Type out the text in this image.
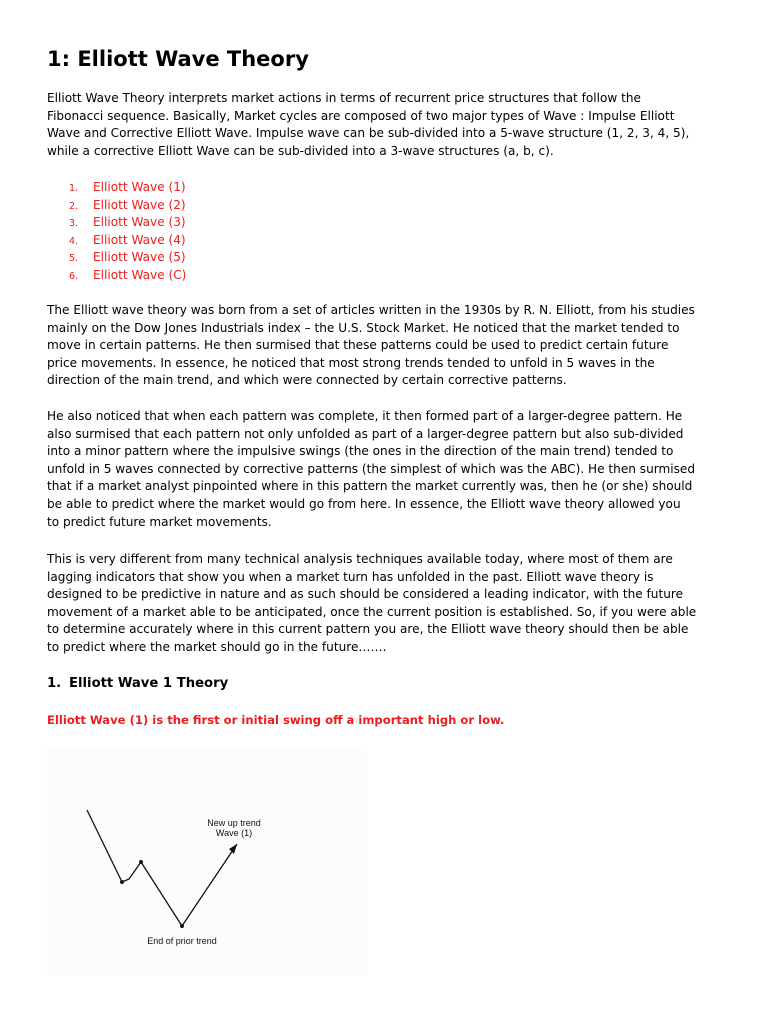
1: Elliott Wave Theory

Elliott Wave Theory interprets market actions in terms of recurrent price structures that follow the
Fibonacci sequence. Basically, Market cycles are composed of two major types of Wave : Impulse Elliott
Wave and Corrective Elliott Wave. Impulse wave can be sub-divided into a 5-wave structure (1, 2, 3, 4, 5),
while a corrective Elliott Wave can be sub-divided into a 3-wave structures (a, b, c).

1. Elliott Wave (1)
2. Elliott Wave (2)
3. Elliott Wave (3)
4. Elliott Wave (4)
5. Elliott Wave (5)
6. Elliott Wave (C)

The Elliott wave theory was born from a set of articles written in the 1930s by R. N. Elliott, from his studies
mainly on the Dow Jones Industrials index – the U.S. Stock Market. He noticed that the market tended to
move in certain patterns. He then surmised that these patterns could be used to predict certain future
price movements. In essence, he noticed that most strong trends tended to unfold in 5 waves in the
direction of the main trend, and which were connected by certain corrective patterns.

He also noticed that when each pattern was complete, it then formed part of a larger-degree pattern. He
also surmised that each pattern not only unfolded as part of a larger-degree pattern but also sub-divided
into a minor pattern where the impulsive swings (the ones in the direction of the main trend) tended to
unfold in 5 waves connected by corrective patterns (the simplest of which was the ABC). He then surmised
that if a market analyst pinpointed where in this pattern the market currently was, then he (or she) should
be able to predict where the market would go from here. In essence, the Elliott wave theory allowed you
to predict future market movements.

This is very different from many technical analysis techniques available today, where most of them are
lagging indicators that show you when a market turn has unfolded in the past. Elliott wave theory is
designed to be predictive in nature and as such should be considered a leading indicator, with the future
movement of a market able to be anticipated, once the current position is established. So, if you were able
to determine accurately where in this current pattern you are, the Elliott wave theory should then be able
to predict where the market should go in the future…….

1. Elliott Wave 1 Theory

Elliott Wave (1) is the first or initial swing off a important high or low.

New up trend
Wave (1)
End of prior trend
